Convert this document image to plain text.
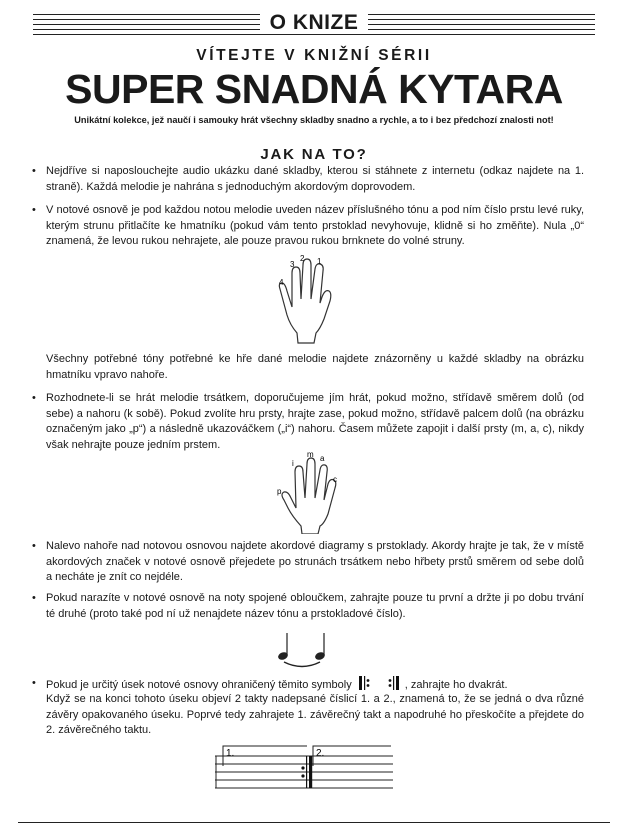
O KNIZE
VÍTEJTE V KNIŽNÍ SÉRII
SUPER SNADNÁ KYTARA
Unikátní kolekce, jež naučí i samouky hrát všechny skladby snadno a rychle, a to i bez předchozí znalosti not!
JAK NA TO?
• Nejdříve si naposlouchejte audio ukázku dané skladby, kterou si stáhnete z internetu (odkaz najdete na 1. straně). Každá melodie je nahrána s jednoduchým akordovým doprovodem.
• V notové osnově je pod každou notou melodie uveden název příslušného tónu a pod ním číslo prstu levé ruky, kterým strunu přitlačíte ke hmatníku (pokud vám tento prstoklad nevyhovuje, klidně si ho změňte). Nula „0“ znamená, že levou rukou nehrajete, ale pouze pravou rukou brnknete do volné struny.
4
3
2 1
Všechny potřebné tóny potřebné ke hře dané melodie najdete znázorněny u každé skladby na obrázku hmatníku vpravo nahoře.
• Rozhodnete-li se hrát melodie trsátkem, doporučujeme jím hrát, pokud možno, střídavě směrem dolů (od sebe) a nahoru (k sobě). Pokud zvolíte hru prsty, hrajte zase, pokud možno, střídavě palcem dolů (na obrázku označeným jako „p“) a následně ukazováčkem („i“) nahoru. Časem můžete zapojit i další prsty (m, a, c), nikdy však nehrajte pouze jedním prstem.
p
i
m a
c
• Nalevo nahoře nad notovou osnovou najdete akordové diagramy s prstoklady. Akordy hrajte je tak, že v místě akordových značek v notové osnově přejedete po strunách trsátkem nebo hřbety prstů směrem od sebe dolů a necháte je znít co nejdéle.
• Pokud narazíte v notové osnově na noty spojené obloučkem, zahrajte pouze tu první a držte ji po dobu trvání té druhé (proto také pod ní už nenajdete název tónu a prstokladové číslo).
• Pokud je určitý úsek notové osnovy ohraničený těmito symboly	, zahrajte ho dvakrát.
Když se na konci tohoto úseku objeví 2 takty nadepsané číslicí 1. a 2., znamená to, že se jedná o dva různé závěry opakovaného úseku. Poprvé tedy zahrajete 1. závěrečný takt a napodruhé ho přeskočíte a přejdete do 2. závěrečného taktu.
1.	2.
